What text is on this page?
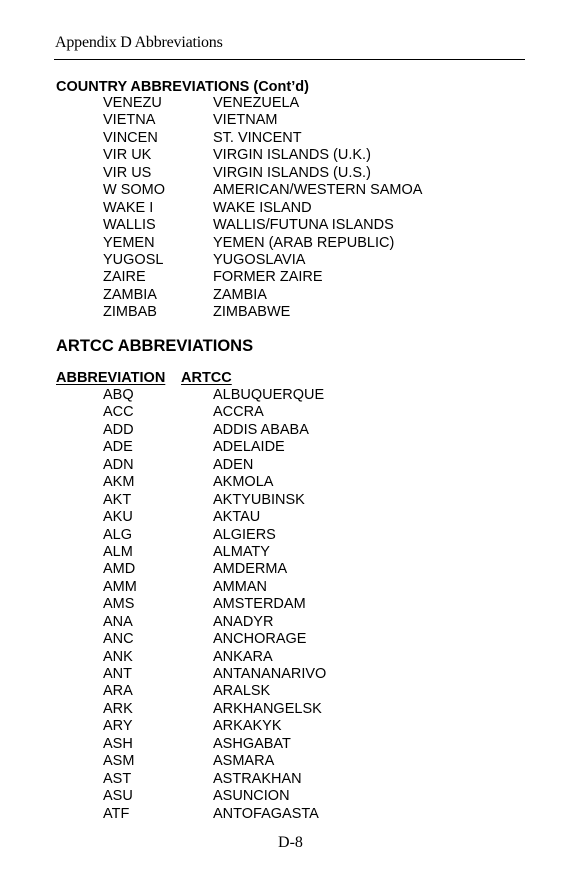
Appendix D Abbreviations
COUNTRY ABBREVIATIONS (Cont’d)
VENEZU	VENEZUELA
VIETNA	VIETNAM
VINCEN	ST. VINCENT
VIR UK	VIRGIN ISLANDS (U.K.)
VIR US	VIRGIN ISLANDS (U.S.)
W SOMO	AMERICAN/WESTERN SAMOA
WAKE I	WAKE ISLAND
WALLIS	WALLIS/FUTUNA ISLANDS
YEMEN	YEMEN (ARAB REPUBLIC)
YUGOSL	YUGOSLAVIA
ZAIRE	FORMER ZAIRE
ZAMBIA	ZAMBIA
ZIMBAB	ZIMBABWE
ARTCC ABBREVIATIONS
ABBREVIATION ARTCC
ABQ	ALBUQUERQUE
ACC	ACCRA
ADD	ADDIS ABABA
ADE	ADELAIDE
ADN	ADEN
AKM	AKMOLA
AKT	AKTYUBINSK
AKU	AKTAU
ALG	ALGIERS
ALM	ALMATY
AMD	AMDERMA
AMM	AMMAN
AMS	AMSTERDAM
ANA	ANADYR
ANC	ANCHORAGE
ANK	ANKARA
ANT	ANTANANARIVO
ARA	ARALSK
ARK	ARKHANGELSK
ARY	ARKAKYK
ASH	ASHGABAT
ASM	ASMARA
AST	ASTRAKHAN
ASU	ASUNCION
ATF	ANTOFAGASTA
D-8
